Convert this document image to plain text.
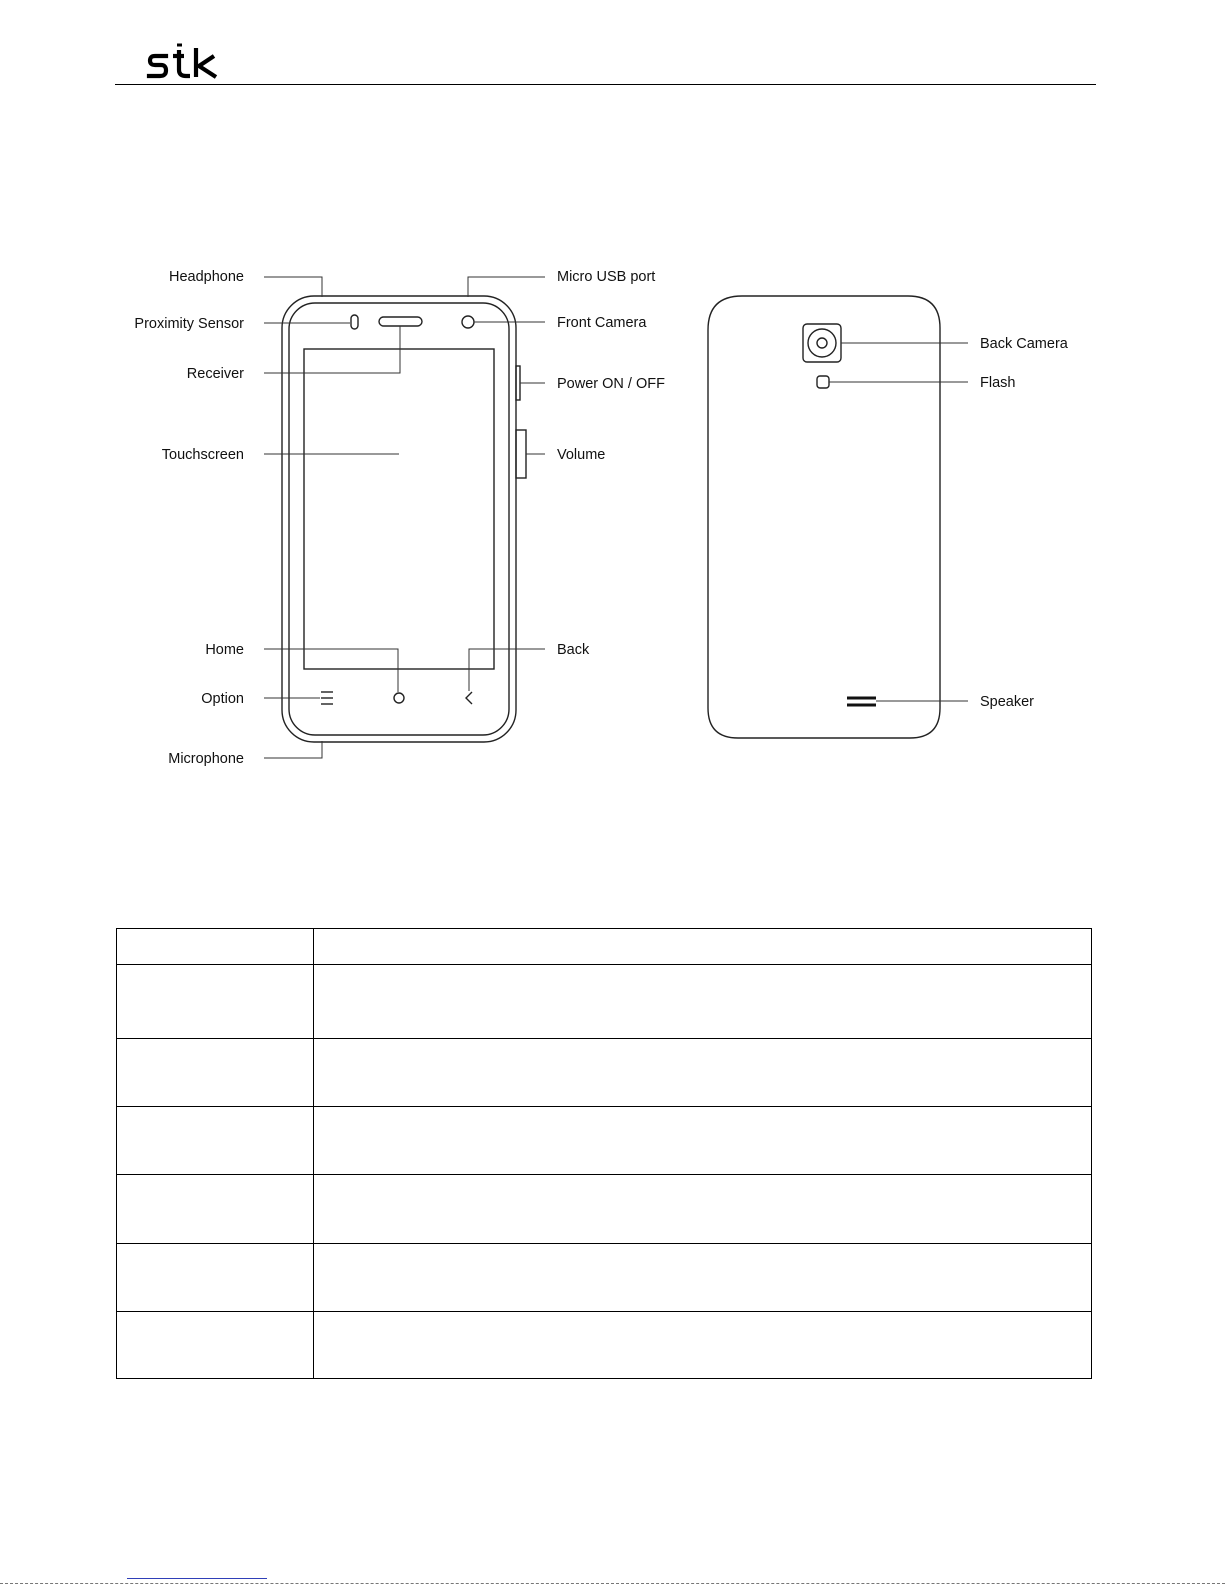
Headphone
Proximity Sensor
Receiver
Touchscreen
Home
Option
Microphone
Micro USB port
Front Camera
Power ON / OFF
Volume
Back
Back Camera
Flash
Speaker
